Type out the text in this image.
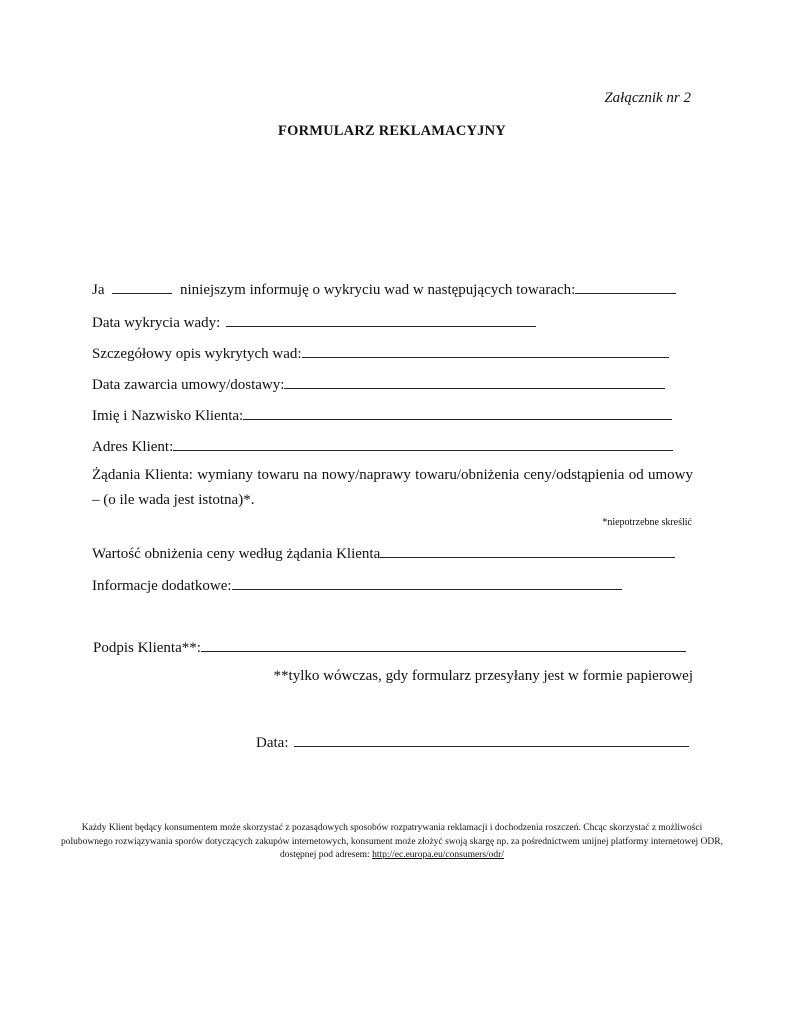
Załącznik nr 2
FORMULARZ REKLAMACYJNY
Ja	niniejszym informuję o wykryciu wad w następujących towarach:
Data wykrycia wady:
Szczegółowy opis wykrytych wad:
Data zawarcia umowy/dostawy:
Imię i Nazwisko Klienta:
Adres Klient:
Żądania Klienta: wymiany towaru na nowy/naprawy towaru/obniżenia ceny/odstąpienia od umowy – (o ile wada jest istotna)*.
*niepotrzebne skreślić
Wartość obniżenia ceny według żądania Klienta
Informacje dodatkowe:
Podpis Klienta**:
**tylko wówczas, gdy formularz przesyłany jest w formie papierowej
Data:
Każdy Klient będący konsumentem może skorzystać z pozasądowych sposobów rozpatrywania reklamacji i dochodzenia roszczeń. Chcąc skorzystać z możliwości polubownego rozwiązywania sporów dotyczących zakupów internetowych, konsument może złożyć swoją skargę np. za pośrednictwem unijnej platformy internetowej ODR, dostępnej pod adresem: http://ec.europa.eu/consumers/odr/
